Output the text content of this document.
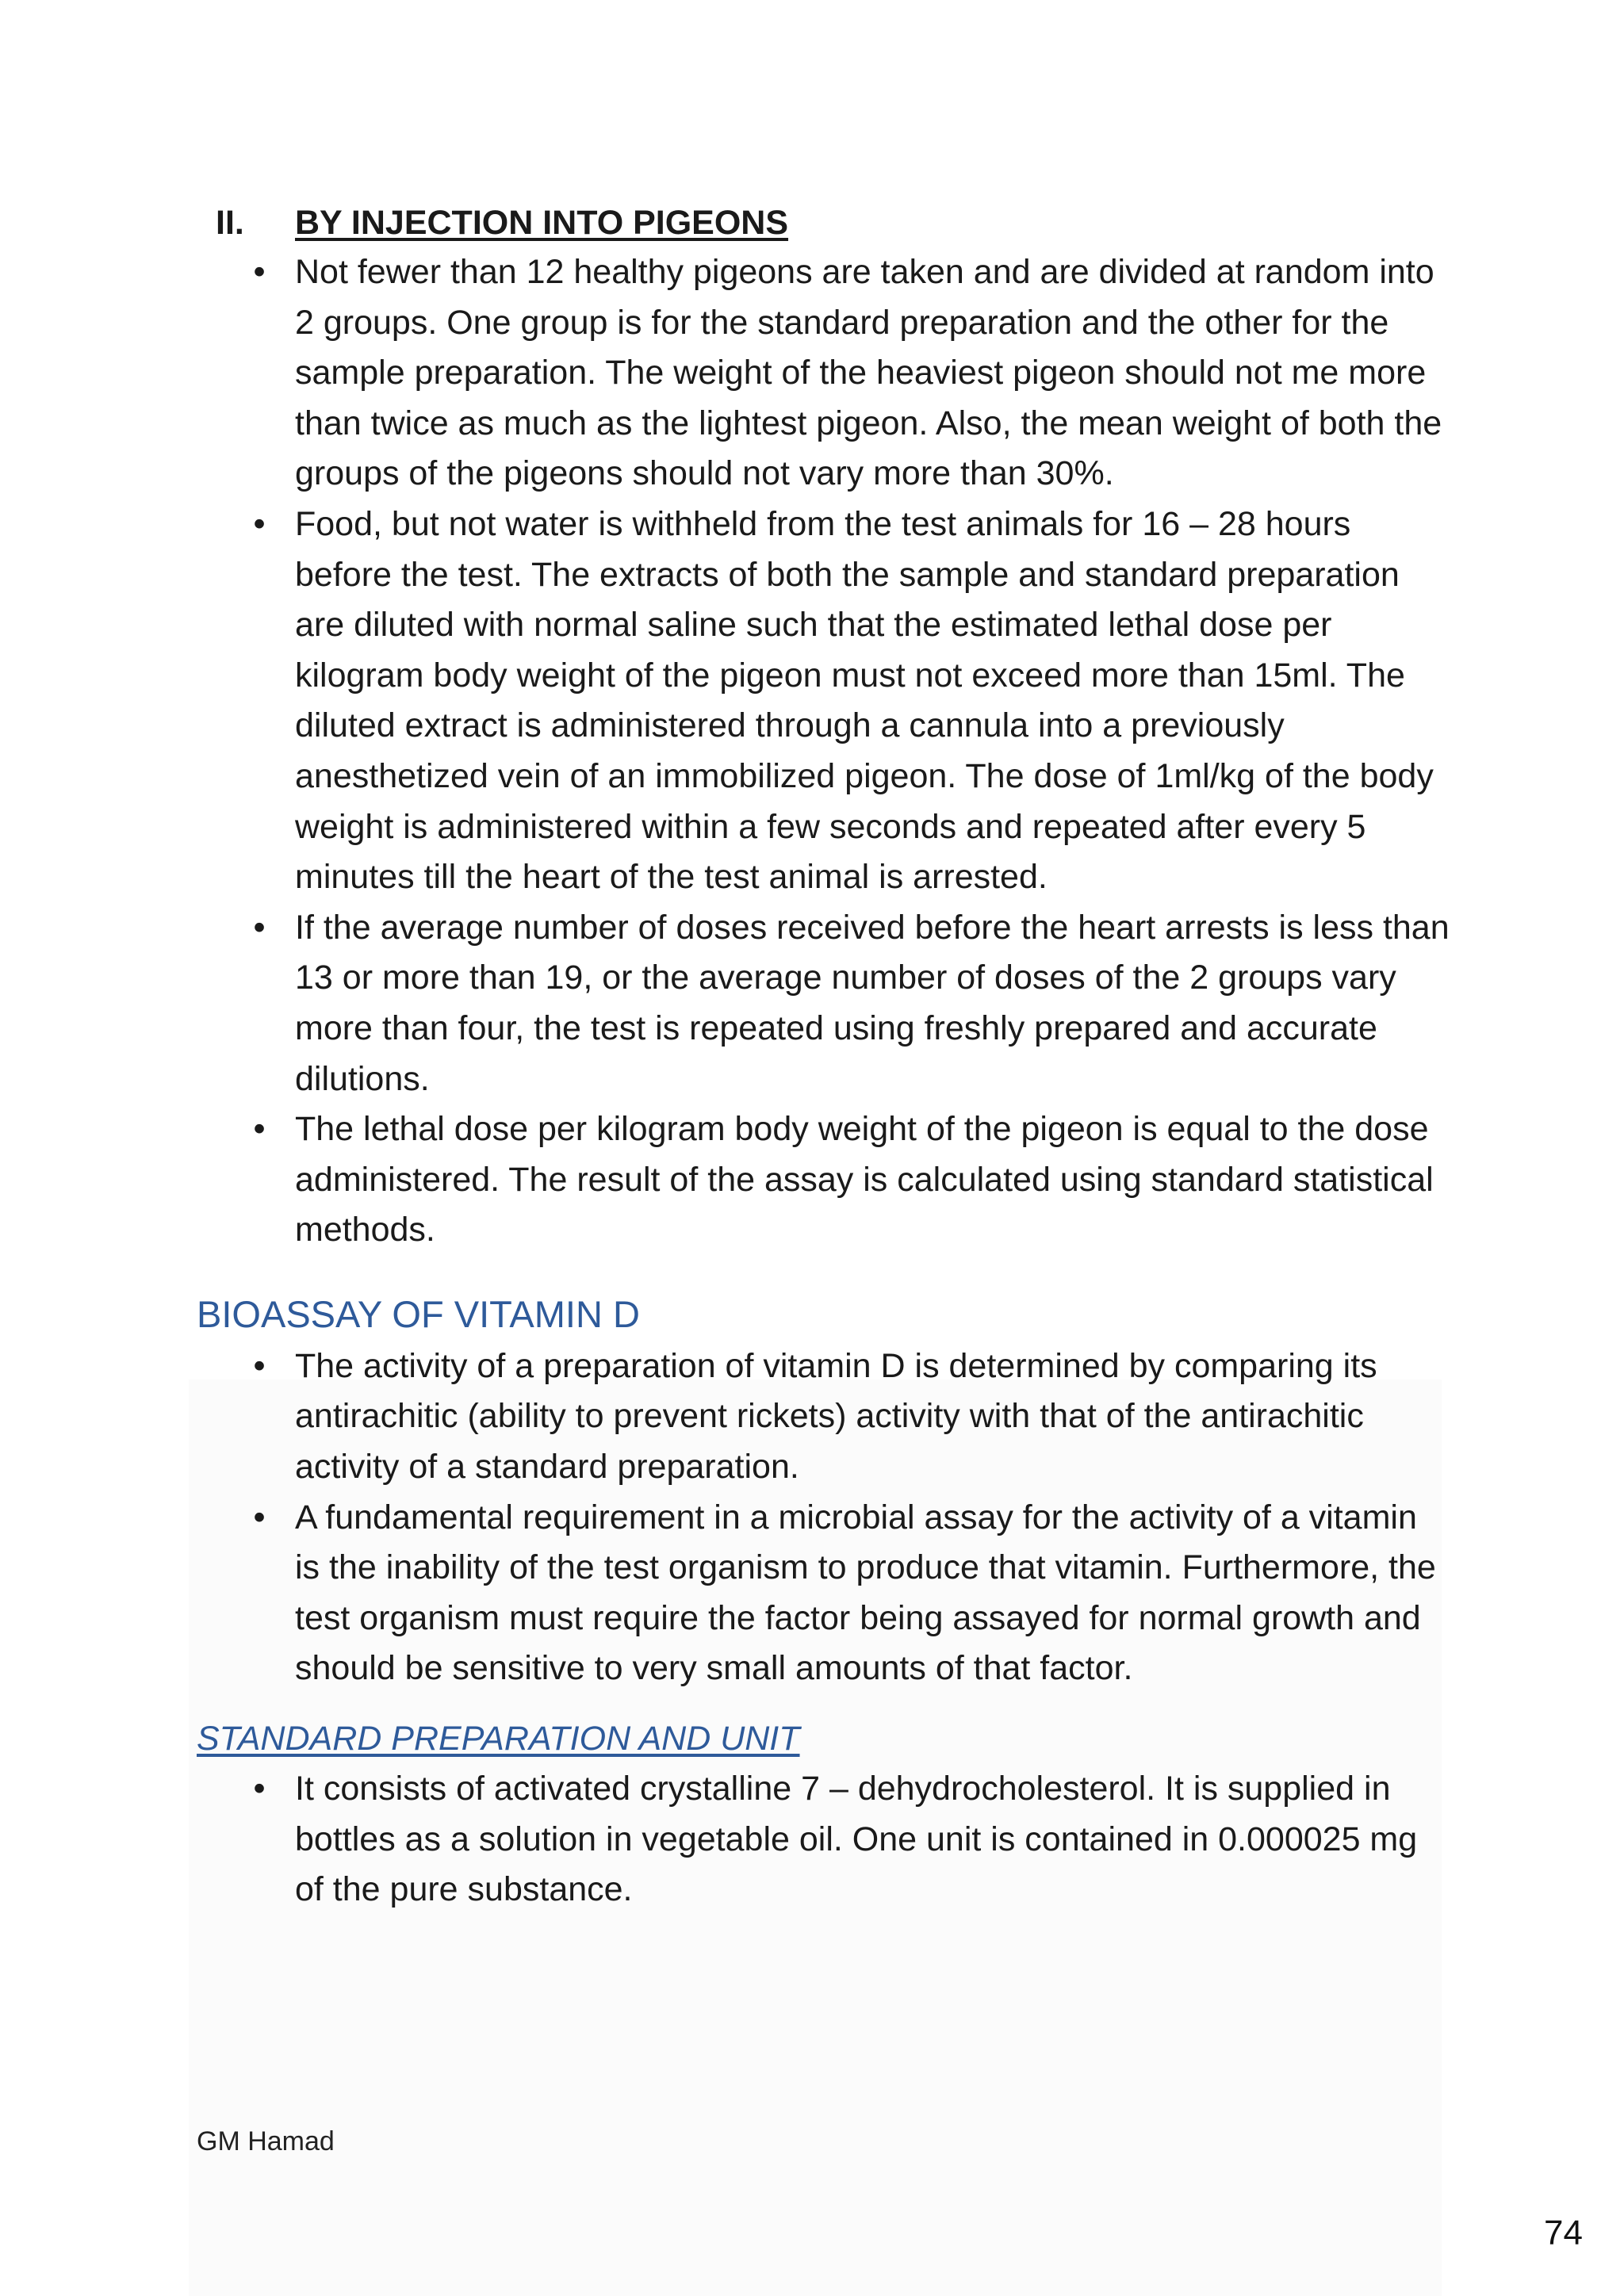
II.	BY INJECTION INTO PIGEONS
• Not fewer than 12 healthy pigeons are taken and are divided at random into 2 groups. One group is for the standard preparation and the other for the sample preparation. The weight of the heaviest pigeon should not me more than twice as much as the lightest pigeon. Also, the mean weight of both the groups of the pigeons should not vary more than 30%.
• Food, but not water is withheld from the test animals for 16 – 28 hours before the test. The extracts of both the sample and standard preparation are diluted with normal saline such that the estimated lethal dose per kilogram body weight of the pigeon must not exceed more than 15ml. The diluted extract is administered through a cannula into a previously anesthetized vein of an immobilized pigeon. The dose of 1ml/kg of the body weight is administered within a few seconds and repeated after every 5 minutes till the heart of the test animal is arrested.
• If the average number of doses received before the heart arrests is less than 13 or more than 19, or the average number of doses of the 2 groups vary more than four, the test is repeated using freshly prepared and accurate dilutions.
• The lethal dose per kilogram body weight of the pigeon is equal to the dose administered. The result of the assay is calculated using standard statistical methods.
BIOASSAY OF VITAMIN D
• The activity of a preparation of vitamin D is determined by comparing its antirachitic (ability to prevent rickets) activity with that of the antirachitic activity of a standard preparation.
• A fundamental requirement in a microbial assay for the activity of a vitamin is the inability of the test organism to produce that vitamin. Furthermore, the test organism must require the factor being assayed for normal growth and should be sensitive to very small amounts of that factor.
STANDARD PREPARATION AND UNIT
• It consists of activated crystalline 7 – dehydrocholesterol. It is supplied in bottles as a solution in vegetable oil. One unit is contained in 0.000025 mg of the pure substance.
GM Hamad
74
